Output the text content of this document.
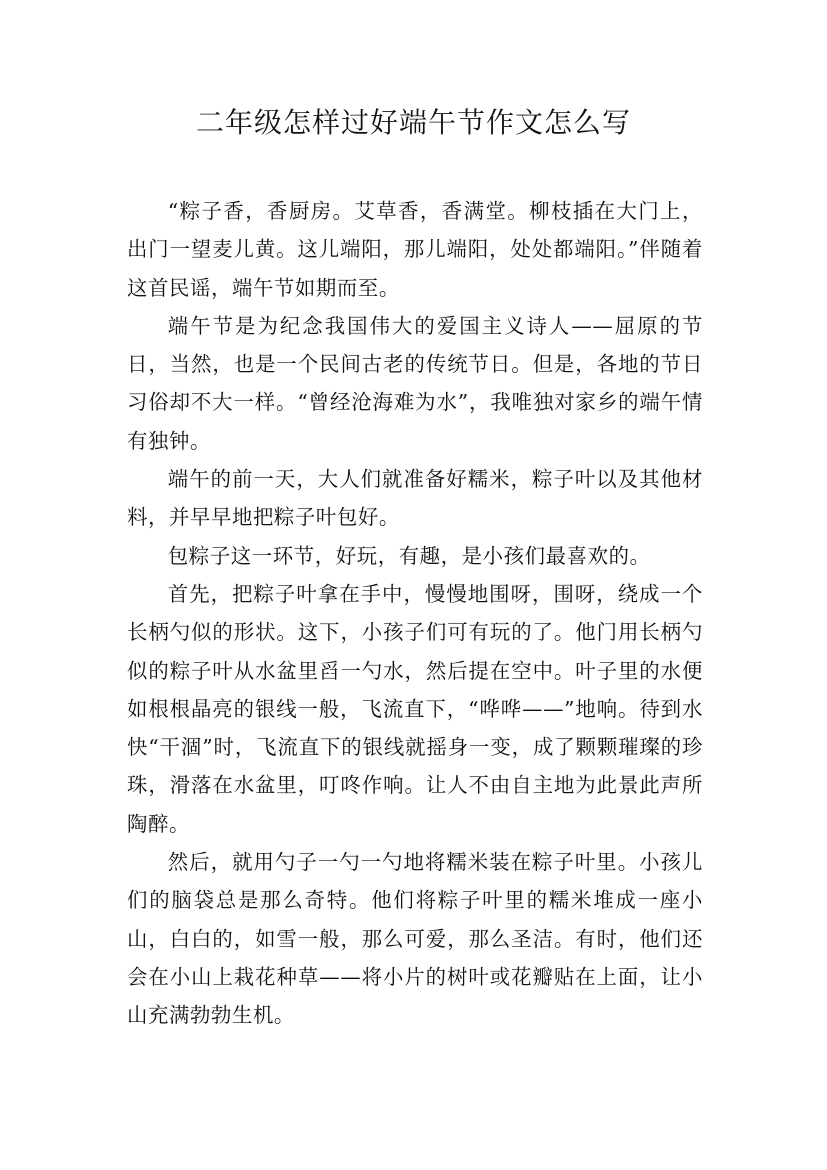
二年级怎样过好端午节作文怎么写

“粽子香，香厨房。艾草香，香满堂。柳枝插在大门上，出门一望麦儿黄。这儿端阳，那儿端阳，处处都端阳。”伴随着这首民谣，端午节如期而至。

端午节是为纪念我国伟大的爱国主义诗人——屈原的节日，当然，也是一个民间古老的传统节日。但是，各地的节日习俗却不大一样。“曾经沧海难为水”，我唯独对家乡的端午情有独钟。

端午的前一天，大人们就准备好糯米，粽子叶以及其他材料，并早早地把粽子叶包好。

包粽子这一环节，好玩，有趣，是小孩们最喜欢的。

首先，把粽子叶拿在手中，慢慢地围呀，围呀，绕成一个长柄勺似的形状。这下，小孩子们可有玩的了。他门用长柄勺似的粽子叶从水盆里舀一勺水，然后提在空中。叶子里的水便如根根晶亮的银线一般，飞流直下，“哗哗——”地响。待到水快“干涸”时，飞流直下的银线就摇身一变，成了颗颗璀璨的珍珠，滑落在水盆里，叮咚作响。让人不由自主地为此景此声所陶醉。

然后，就用勺子一勺一勺地将糯米装在粽子叶里。小孩儿们的脑袋总是那么奇特。他们将粽子叶里的糯米堆成一座小山，白白的，如雪一般，那么可爱，那么圣洁。有时，他们还会在小山上栽花种草——将小片的树叶或花瓣贴在上面，让小山充满勃勃生机。
